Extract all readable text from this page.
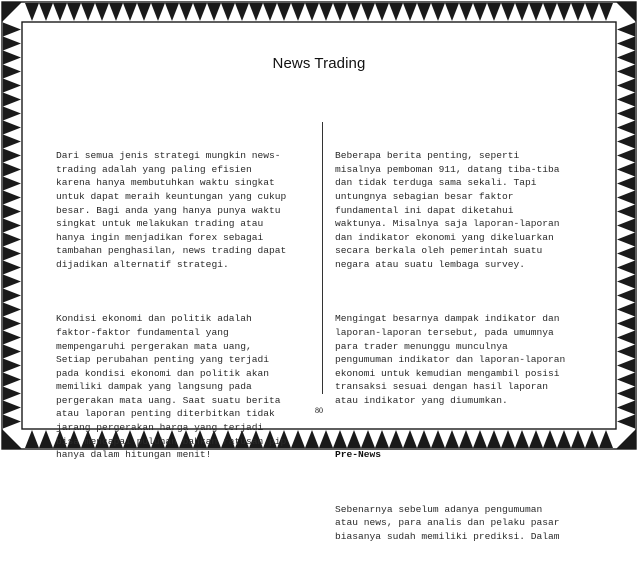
News Trading

Dari semua jenis strategi mungkin news-
trading adalah yang paling efisien
karena hanya membutuhkan waktu singkat
untuk dapat meraih keuntungan yang cukup
besar. Bagi anda yang hanya punya waktu
singkat untuk melakukan trading atau
hanya ingin menjadikan forex sebagai
tambahan penghasilan, news trading dapat
dijadikan alternatif strategi.

Kondisi ekonomi dan politik adalah
faktor-faktor fundamental yang
mempengaruhi pergerakan mata uang,
Setiap perubahan penting yang terjadi
pada kondisi ekonomi dan politik akan
memiliki dampak yang langsung pada
pergerakan mata uang. Saat suatu berita
atau laporan penting diterbitkan tidak
jarang pergerakan harga yang terjadi
bisa mencapai puluhan bahkan ratusan pip
hanya dalam hitungan menit!

Beberapa berita penting, seperti
misalnya pemboman 911, datang tiba-tiba
dan tidak terduga sama sekali. Tapi
untungnya sebagian besar faktor
fundamental ini dapat diketahui
waktunya. Misalnya saja laporan-laporan
dan indikator ekonomi yang dikeluarkan
secara berkala oleh pemerintah suatu
negara atau suatu lembaga survey.

Mengingat besarnya dampak indikator dan
laporan-laporan tersebut, pada umumnya
para trader menunggu munculnya
pengumuman indikator dan laporan-laporan
ekonomi untuk kemudian mengambil posisi
transaksi sesuai dengan hasil laporan
atau indikator yang diumumkan.

Pre-News

Sebenarnya sebelum adanya pengumuman
atau news, para analis dan pelaku pasar
biasanya sudah memiliki prediksi. Dalam

80
